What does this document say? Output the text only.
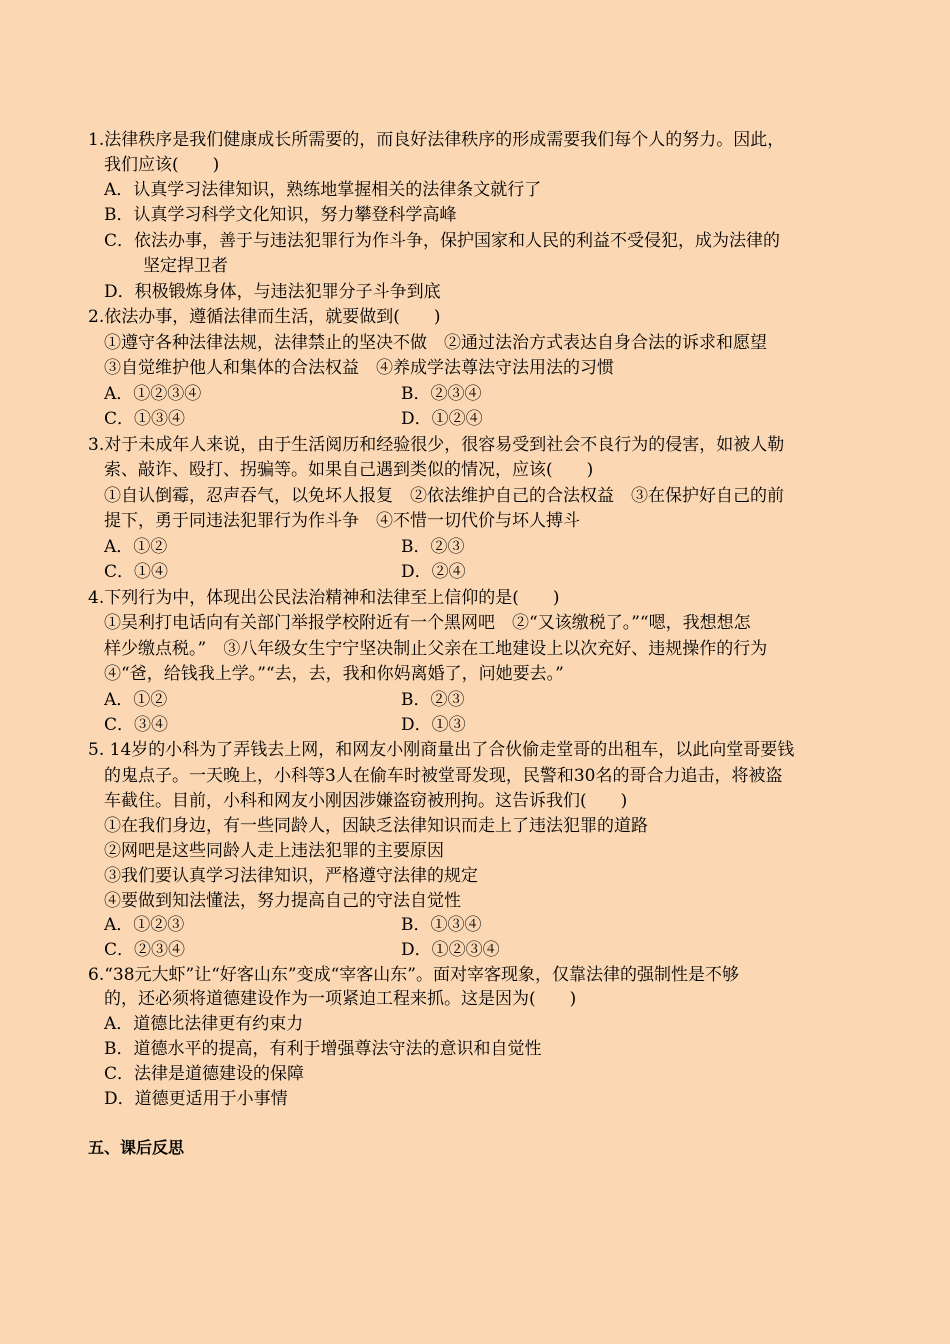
1.法律秩序是我们健康成长所需要的，而良好法律秩序的形成需要我们每个人的努力。因此，
我们应该(　　)
A．认真学习法律知识，熟练地掌握相关的法律条文就行了
B．认真学习科学文化知识，努力攀登科学高峰
C．依法办事，善于与违法犯罪行为作斗争，保护国家和人民的利益不受侵犯，成为法律的
坚定捍卫者
D．积极锻炼身体，与违法犯罪分子斗争到底
2.依法办事，遵循法律而生活，就要做到(　　)
①遵守各种法律法规，法律禁止的坚决不做　②通过法治方式表达自身合法的诉求和愿望
③自觉维护他人和集体的合法权益　④养成学法尊法守法用法的习惯
A．①②③④	B．②③④
C．①③④	D．①②④
3.对于未成年人来说，由于生活阅历和经验很少，很容易受到社会不良行为的侵害，如被人勒
索、敲诈、殴打、拐骗等。如果自己遇到类似的情况，应该(　　)
①自认倒霉，忍声吞气，以免坏人报复　②依法维护自己的合法权益　③在保护好自己的前
提下，勇于同违法犯罪行为作斗争　④不惜一切代价与坏人搏斗
A．①②	B．②③
C．①④	D．②④
4.下列行为中，体现出公民法治精神和法律至上信仰的是(　　)
①吴利打电话向有关部门举报学校附近有一个黑网吧　②“又该缴税了。”“嗯，我想想怎
样少缴点税。”　③八年级女生宁宁坚决制止父亲在工地建设上以次充好、违规操作的行为
④“爸，给钱我上学。”“去，去，我和你妈离婚了，问她要去。”
A．①②	B．②③
C．③④	D．①③
5. 14岁的小科为了弄钱去上网，和网友小刚商量出了合伙偷走堂哥的出租车，以此向堂哥要钱
的鬼点子。一天晚上，小科等3人在偷车时被堂哥发现，民警和30名的哥合力追击，将被盗
车截住。目前，小科和网友小刚因涉嫌盗窃被刑拘。这告诉我们(　　)
①在我们身边，有一些同龄人，因缺乏法律知识而走上了违法犯罪的道路
②网吧是这些同龄人走上违法犯罪的主要原因
③我们要认真学习法律知识，严格遵守法律的规定
④要做到知法懂法，努力提高自己的守法自觉性
A．①②③	B．①③④
C．②③④	D．①②③④
6.“38元大虾”让“好客山东”变成“宰客山东”。面对宰客现象，仅靠法律的强制性是不够
的，还必须将道德建设作为一项紧迫工程来抓。这是因为(　　)
A．道德比法律更有约束力
B．道德水平的提高，有利于增强尊法守法的意识和自觉性
C．法律是道德建设的保障
D．道德更适用于小事情
五、课后反思
